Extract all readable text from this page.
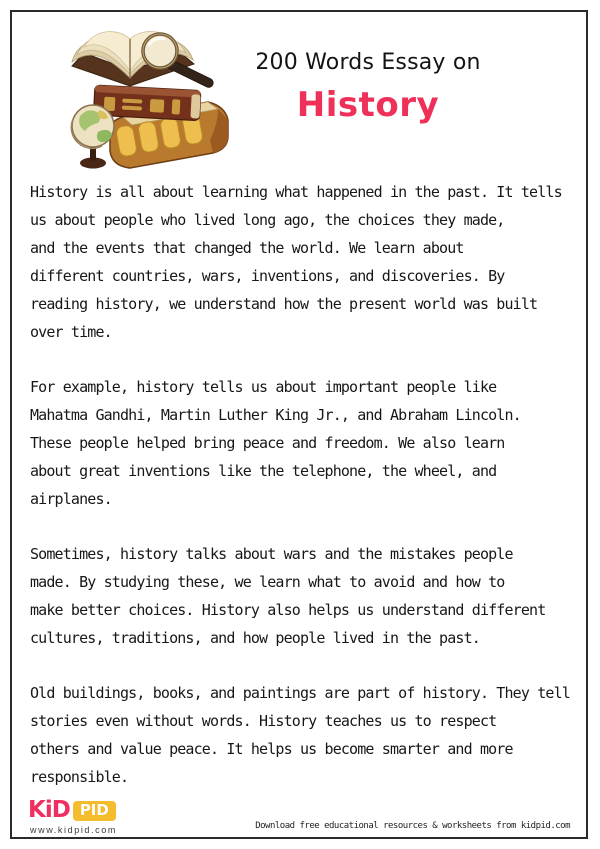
200 Words Essay on
History
History is all about learning what happened in the past. It tells
us about people who lived long ago, the choices they made,
and the events that changed the world. We learn about
different countries, wars, inventions, and discoveries. By
reading history, we understand how the present world was built
over time.
For example, history tells us about important people like
Mahatma Gandhi, Martin Luther King Jr., and Abraham Lincoln.
These people helped bring peace and freedom. We also learn
about great inventions like the telephone, the wheel, and
airplanes.
Sometimes, history talks about wars and the mistakes people
made. By studying these, we learn what to avoid and how to
make better choices. History also helps us understand different
cultures, traditions, and how people lived in the past.
Old buildings, books, and paintings are part of history. They tell
stories even without words. History teaches us to respect
others and value peace. It helps us become smarter and more
responsible.
KiD PID
www.kidpid.com	Download free educational resources & worksheets from kidpid.com
